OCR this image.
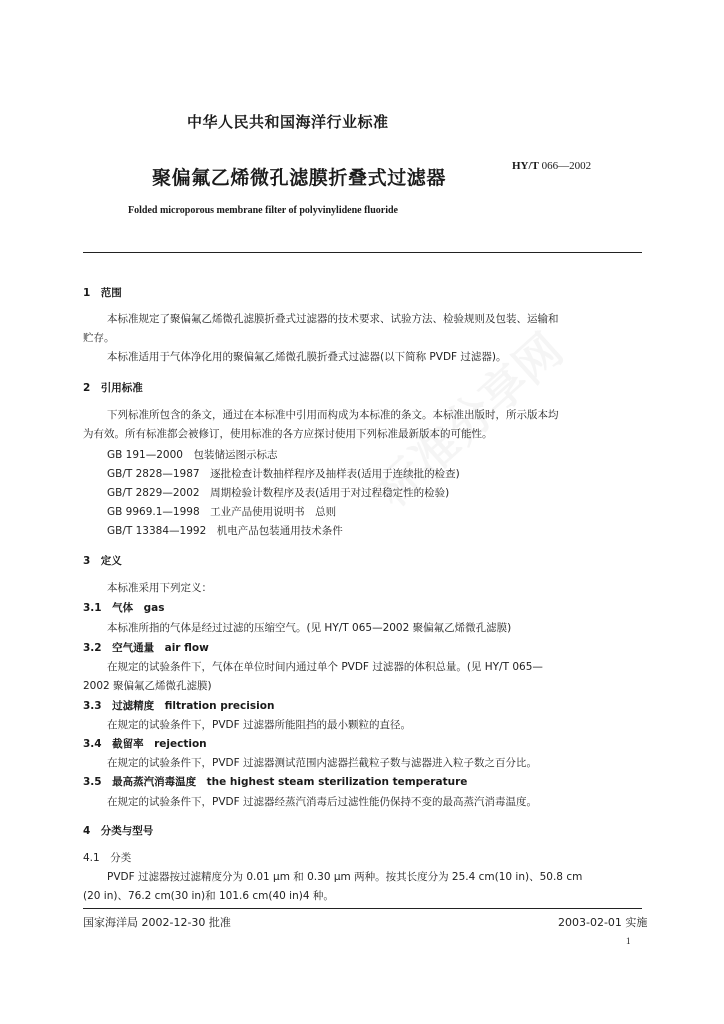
中华人民共和国海洋行业标准
HY/T 066—2002
聚偏氟乙烯微孔滤膜折叠式过滤器
Folded microporous membrane filter of polyvinylidene fluoride
1　范围
本标准规定了聚偏氟乙烯微孔滤膜折叠式过滤器的技术要求、试验方法、检验规则及包装、运输和
贮存。
本标准适用于气体净化用的聚偏氟乙烯微孔膜折叠式过滤器(以下简称 PVDF 过滤器)。
2　引用标准
下列标准所包含的条文，通过在本标准中引用而构成为本标准的条文。本标准出版时，所示版本均
为有效。所有标准都会被修订，使用标准的各方应探讨使用下列标准最新版本的可能性。
GB 191—2000　包装储运图示标志
GB/T 2828—1987　逐批检查计数抽样程序及抽样表(适用于连续批的检查)
GB/T 2829—2002　周期检验计数程序及表(适用于对过程稳定性的检验)
GB 9969.1—1998　工业产品使用说明书　总则
GB/T 13384—1992　机电产品包装通用技术条件
3　定义
本标准采用下列定义：
3.1　 气体　 gas
本标准所指的气体是经过过滤的压缩空气。(见 HY/T 065—2002 聚偏氟乙烯微孔滤膜)
3.2　 空气通量　 air flow
在规定的试验条件下，气体在单位时间内通过单个 PVDF 过滤器的体积总量。(见 HY/T 065—
2002 聚偏氟乙烯微孔滤膜)
3.3　 过滤精度　 filtration precision
在规定的试验条件下，PVDF 过滤器所能阻挡的最小颗粒的直径。
3.4　 截留率　 rejection
在规定的试验条件下，PVDF 过滤器测试范围内滤器拦截粒子数与滤器进入粒子数之百分比。
3.5　 最高蒸汽消毒温度　 the highest steam sterilization temperature
在规定的试验条件下，PVDF 过滤器经蒸汽消毒后过滤性能仍保持不变的最高蒸汽消毒温度。
4　分类与型号
4.1　 分类
PVDF 过滤器按过滤精度分为 0.01 μm 和 0.30 μm 两种。按其长度分为 25.4 cm(10 in)、50.8 cm
(20 in)、76.2 cm(30 in)和 101.6 cm(40 in)4 种。
国家海洋局 2002-12-30 批准	2003-02-01 实施
1
